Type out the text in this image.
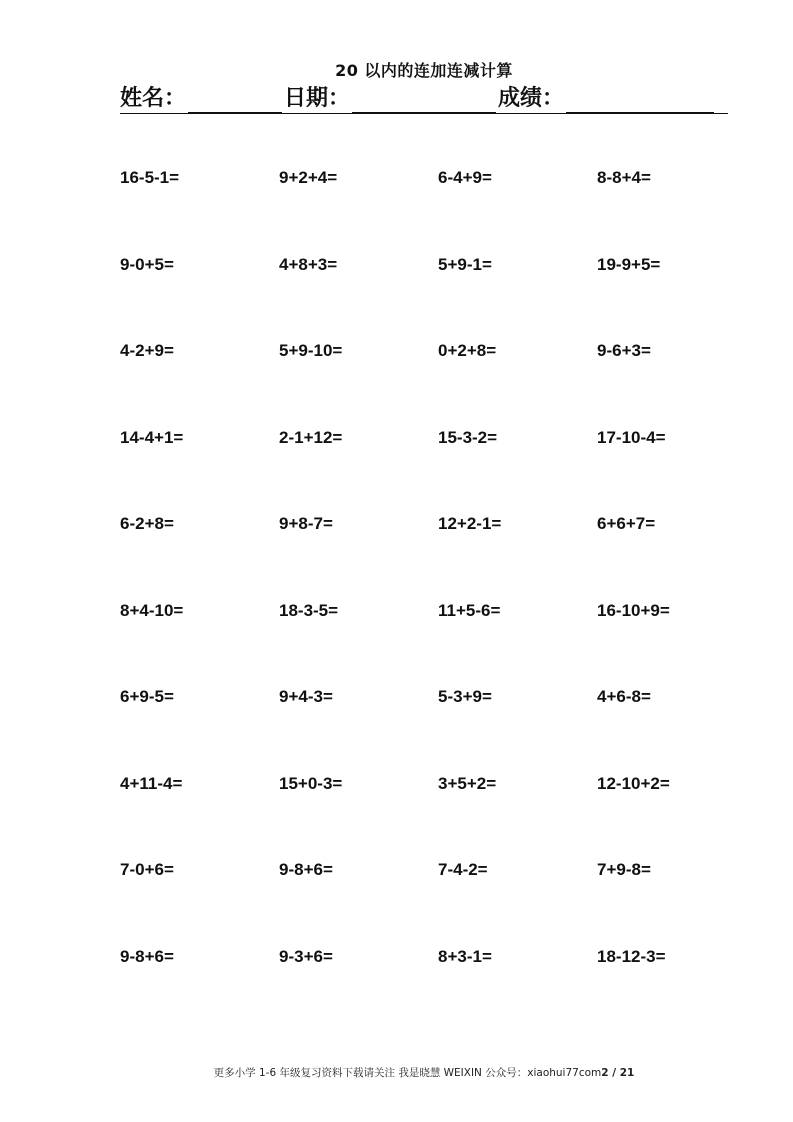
20 以内的连加连减计算
姓名：	日期：	成绩：
16-5-1=	9+2+4=	6-4+9=	8-8+4=
9-0+5=	4+8+3=	5+9-1=	19-9+5=
4-2+9=	5+9-10=	0+2+8=	9-6+3=
14-4+1=	2-1+12=	15-3-2=	17-10-4=
6-2+8=	9+8-7=	12+2-1=	6+6+7=
8+4-10=	18-3-5=	11+5-6=	16-10+9=
6+9-5=	9+4-3=	5-3+9=	4+6-8=
4+11-4=	15+0-3=	3+5+2=	12-10+2=
7-0+6=	9-8+6=	7-4-2=	7+9-8=
9-8+6=	9-3+6=	8+3-1=	18-12-3=
更多小学 1-6 年级复习资料下载请关注 我是晓慧 WEIXIN 公众号：xiaohui77com2 / 21
